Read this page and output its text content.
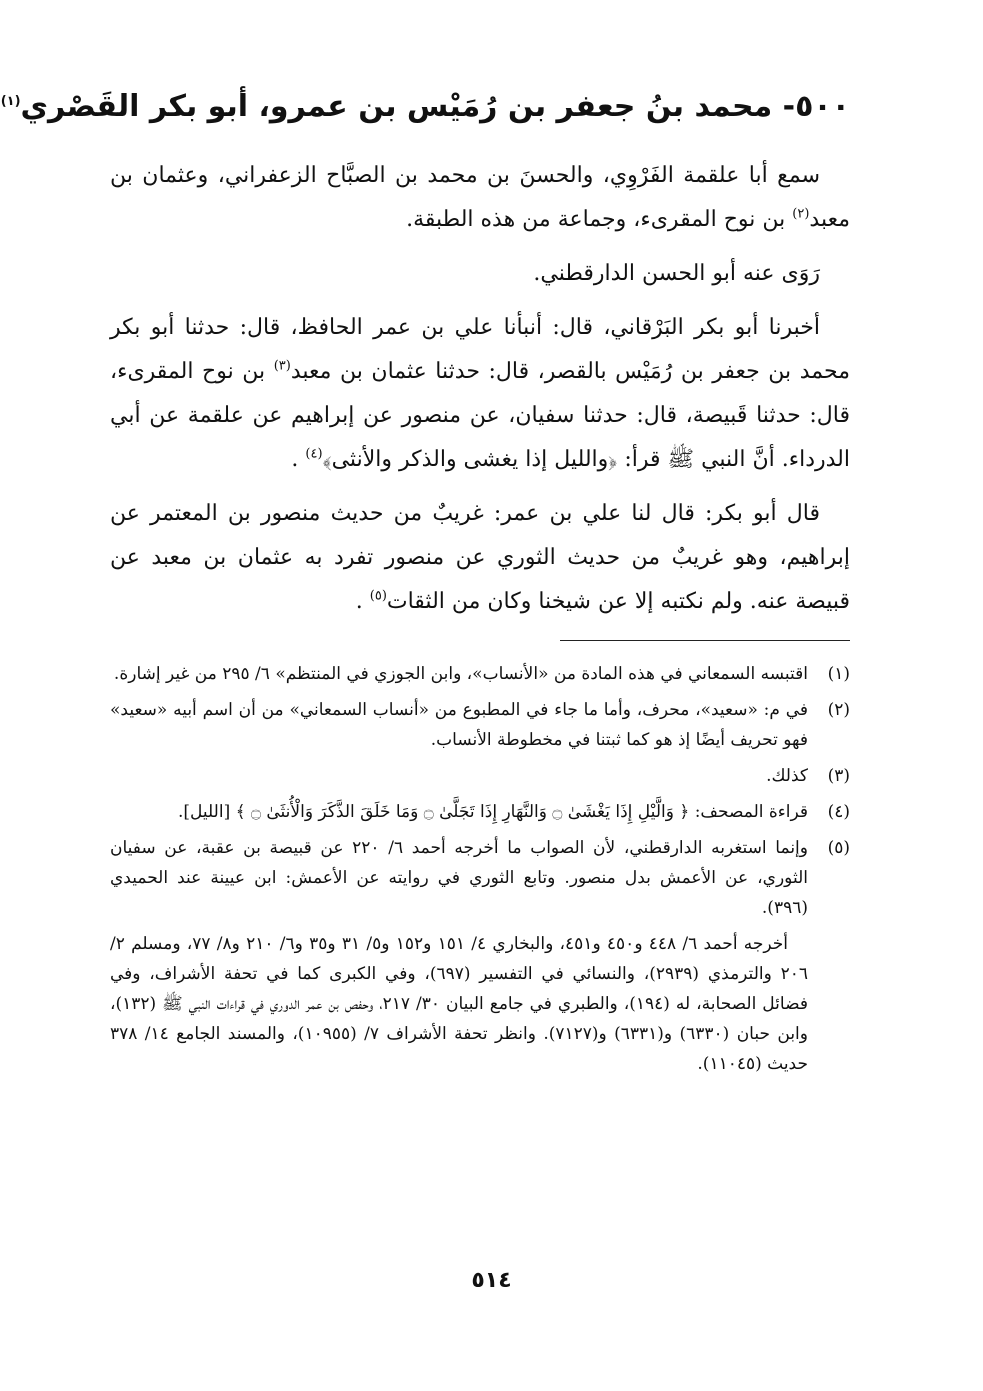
٥٠٠- محمد بنُ جعفر بن رُمَيْس بن عمرو، أبو بكر القَصْري$^{(١)}$

سمع أبا علقمة الفَرْوِي، والحسنَ بن محمد بن الصبَّاح الزعفراني، وعثمان بن معبد$^{(٢)}$ بن نوح المقرىء، وجماعة من هذه الطبقة.

رَوَى عنه أبو الحسن الدارقطني.

أخبرنا أبو بكر البَرْقاني، قال: أنبأنا علي بن عمر الحافظ، قال: حدثنا أبو بكر محمد بن جعفر بن رُمَيْس بالقصر، قال: حدثنا عثمان بن معبد$^{(٣)}$ بن نوح المقرىء، قال: حدثنا قَبيصة، قال: حدثنا سفيان، عن منصور عن إبراهيم عن علقمة عن أبي الدرداء. أنَّ النبي ﷺ قرأ: ﴿والليل إذا يغشى والذكر والأنثى﴾$^{(٤)}$ .

قال أبو بكر: قال لنا علي بن عمر: غريبٌ من حديث منصور بن المعتمر عن إبراهيم، وهو غريبٌ من حديث الثوري عن منصور تفرد به عثمان بن معبد عن قبيصة عنه. ولم نكتبه إلا عن شيخنا وكان من الثقات$^{(٥)}$ .

(١)
اقتبسه السمعاني في هذه المادة من «الأنساب»، وابن الجوزي في المنتظم» ٦/ ٢٩٥ من غير إشارة.
(٢)
في م: «سعيد»، محرف، وأما ما جاء في المطبوع من «أنساب السمعاني» من أن اسم أبيه «سعيد» فهو تحريف أيضًا إذ هو كما ثبتنا في مخطوطة الأنساب.
(٣)
كذلك.
(٤)
قراءة المصحف: ﴿ وَالَّيْلِ إِذَا يَغْشَىٰ ۝ وَالنَّهَارِ إِذَا تَجَلَّىٰ ۝ وَمَا خَلَقَ الذَّكَرَ وَالْأُنثَىٰ ۝ ﴾ [الليل].
(٥)
وإنما استغربه الدارقطني، لأن الصواب ما أخرجه أحمد ٦/ ٢٢٠ عن قبيصة بن عقبة، عن سفيان الثوري، عن الأعمش بدل منصور. وتابع الثوري في روايته عن الأعمش: ابن عيينة عند الحميدي (٣٩٦).
أخرجه أحمد ٦/ ٤٤٨ و٤٥٠ و٤٥١، والبخاري ٤/ ١٥١ و١٥٢ و٥/ ٣١ و٣٥ و٦/ ٢١٠ و٨/ ٧٧، ومسلم ٢/ ٢٠٦ والترمذي (٢٩٣٩)، والنسائي في التفسير (٦٩٧)، وفي الكبرى كما في تحفة الأشراف، وفي فضائل الصحابة، له (١٩٤)، والطبري في جامع البيان ٣٠/ ٢١٧، وحفص بن عمر الدوري في قراءات النبي ﷺ (١٣٢)، وابن حبان (٦٣٣٠) و(٦٣٣١) و(٧١٢٧). وانظر تحفة الأشراف ٧/ (١٠٩٥٥)، والمسند الجامع ١٤/ ٣٧٨ حديث (١١٠٤٥).
٥١٤
